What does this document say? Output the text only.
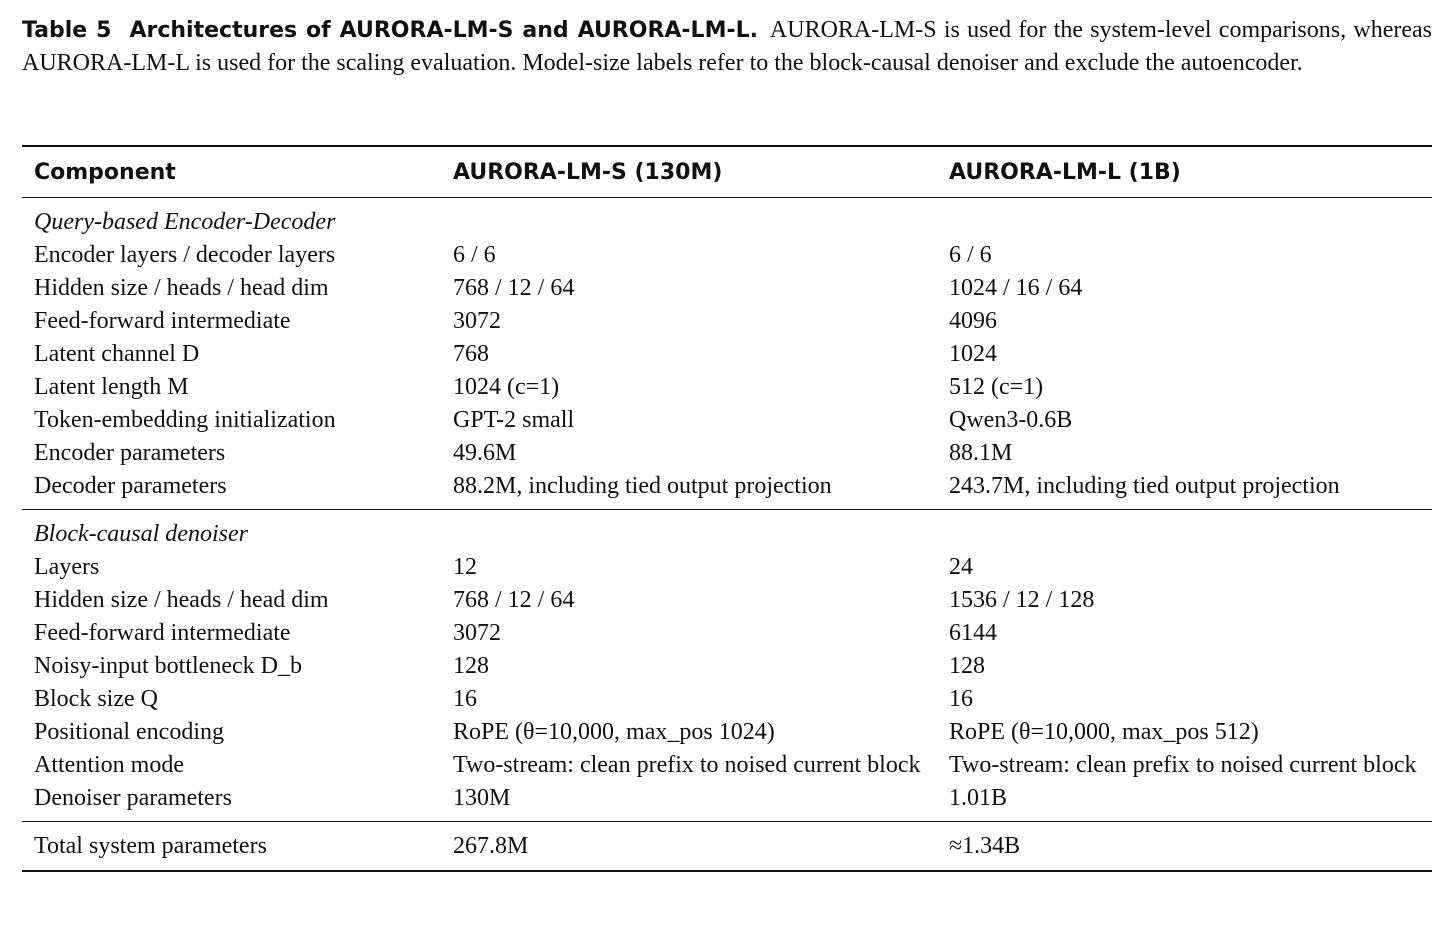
Table 5 Architectures of AURORA-LM-S and AURORA-LM-L. AURORA-LM-S is used for the system-level comparisons, whereas AURORA-LM-L is used for the scaling evaluation. Model-size labels refer to the block-causal denoiser and exclude the autoencoder.
Component	AURORA-LM-S (130M)	AURORA-LM-L (1B)
Query-based Encoder-Decoder		
Encoder layers / decoder layers	6 / 6	6 / 6
Hidden size / heads / head dim	768 / 12 / 64	1024 / 16 / 64
Feed-forward intermediate	3072	4096
Latent channel D	768	1024
Latent length M	1024 (c=1)	512 (c=1)
Token-embedding initialization	GPT-2 small	Qwen3-0.6B
Encoder parameters	49.6M	88.1M
Decoder parameters	88.2M, including tied output projection	243.7M, including tied output projection
Block-causal denoiser		
Layers	12	24
Hidden size / heads / head dim	768 / 12 / 64	1536 / 12 / 128
Feed-forward intermediate	3072	6144
Noisy-input bottleneck D_b	128	128
Block size Q	16	16
Positional encoding	RoPE (θ=10,000, max_pos 1024)	RoPE (θ=10,000, max_pos 512)
Attention mode	Two-stream: clean prefix to noised current block	Two-stream: clean prefix to noised current block
Denoiser parameters	130M	1.01B
Total system parameters	267.8M	≈1.34B
